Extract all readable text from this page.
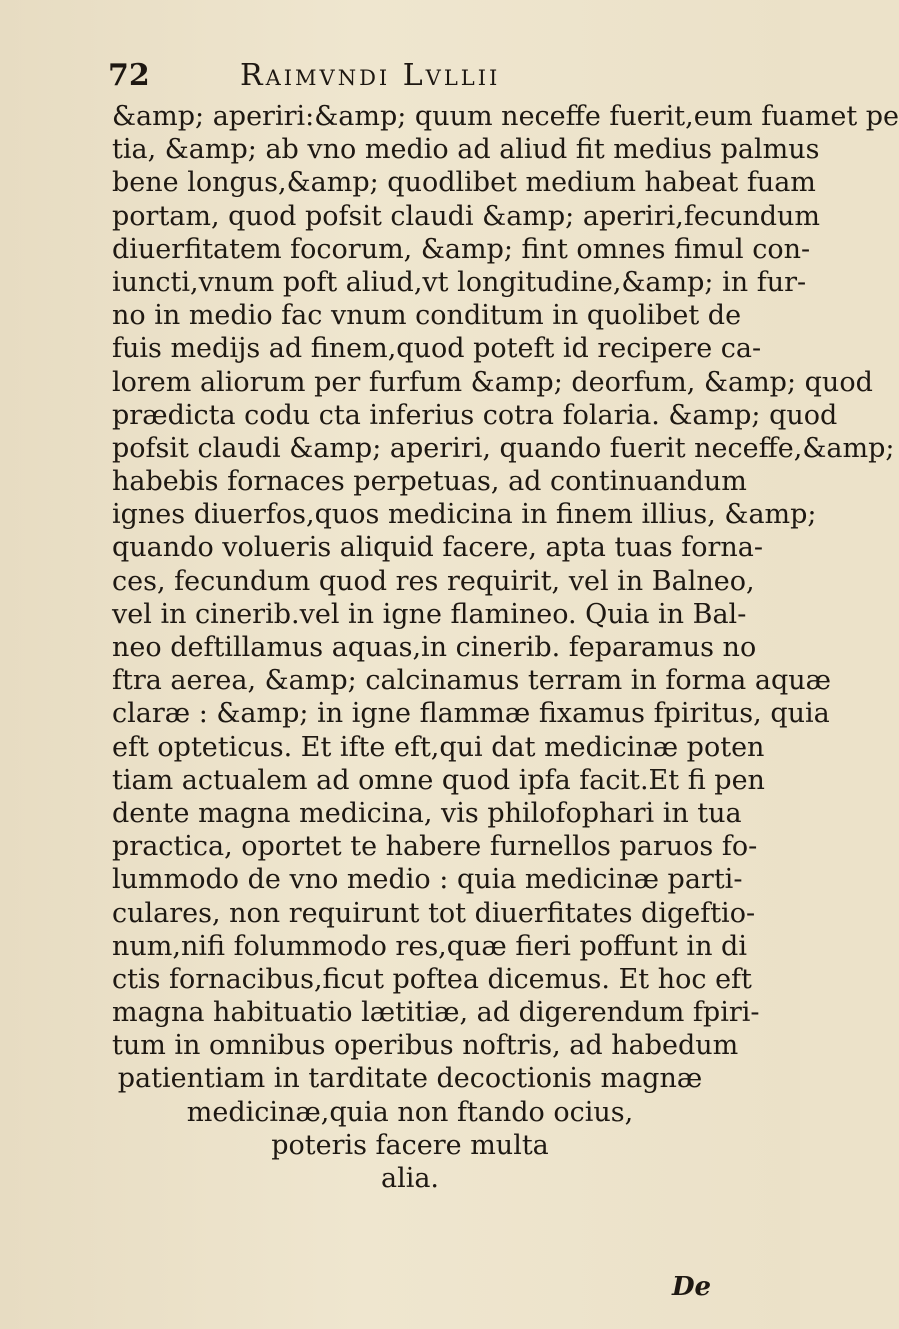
72	Raimvndi Lvllii
&amp; aperiri:&amp; quum neceffe fuerit,eum fuamet pe
tia, &amp; ab vno medio ad aliud fit medius palmus
bene longus,&amp; quodlibet medium habeat fuam
portam, quod pofsit claudi &amp; aperiri,fecundum
diuerfitatem focorum, &amp; fint omnes fimul con-
iuncti,vnum poft aliud,vt longitudine,&amp; in fur-
no in medio fac vnum conditum in quolibet de
fuis medijs ad finem,quod poteft id recipere ca-
lorem aliorum per furfum &amp; deorfum, &amp; quod
prædicta codu cta inferius cotra folaria. &amp; quod
pofsit claudi &amp; aperiri, quando fuerit neceffe,&amp;
habebis fornaces perpetuas, ad continuandum
ignes diuerfos,quos medicina in finem illius, &amp;
quando volueris aliquid facere, apta tuas forna-
ces, fecundum quod res requirit, vel in Balneo,
vel in cinerib.vel in igne flamineo. Quia in Bal-
neo deftillamus aquas,in cinerib. feparamus no
ftra aerea, &amp; calcinamus terram in forma aquæ
claræ : &amp; in igne flammæ fixamus fpiritus, quia
eft opteticus. Et ifte eft,qui dat medicinæ poten
tiam actualem ad omne quod ipfa facit.Et fi pen
dente magna medicina, vis philofophari in tua
practica, oportet te habere furnellos paruos fo-
lummodo de vno medio : quia medicinæ parti-
culares, non requirunt tot diuerfitates digeftio-
num,nifi folummodo res,quæ fieri poffunt in di
ctis fornacibus,ficut poftea dicemus. Et hoc eft
magna habituatio lætitiæ, ad digerendum fpiri-
tum in omnibus operibus noftris, ad habedum
patientiam in tarditate decoctionis magnæ
medicinæ,quia non ftando ocius,
poteris facere multa
alia.
De
